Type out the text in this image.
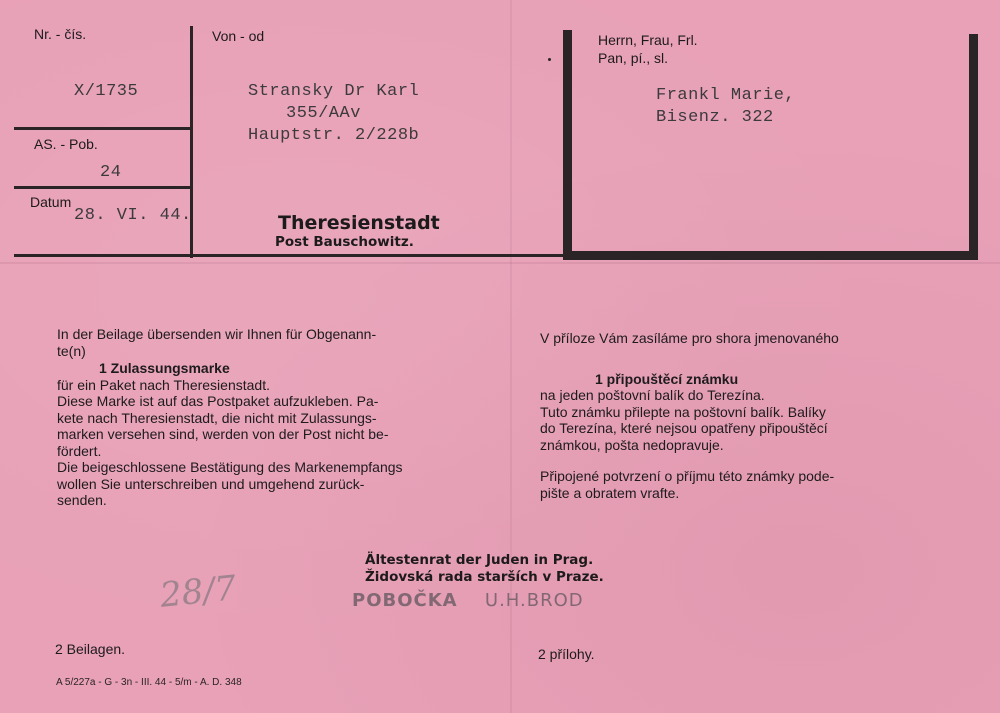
Nr. - čís.
X/1735
AS. - Pob.
24
Datum
28. VI. 44.
Von - od
Stransky Dr Karl
355/AAv
Hauptstr. 2/228b
Theresienstadt
Post Bauschowitz.
Herrn, Frau, Frl.
Pan, pí., sl.
Frankl Marie,
Bisenz. 322
In der Beilage übersenden wir Ihnen für Obgenann-
te(n)
1 Zulassungsmarke
für ein Paket nach Theresienstadt.
Diese Marke ist auf das Postpaket aufzukleben. Pa-
kete nach Theresienstadt, die nicht mit Zulassungs-
marken versehen sind, werden von der Post nicht be-
fördert.
Die beigeschlossene Bestätigung des Markenempfangs
wollen Sie unterschreiben und umgehend zurück-
senden.
V příloze Vám zasíláme pro shora jmenovaného
1 připouštěcí známku
na jeden poštovní balík do Terezína.
Tuto známku přilepte na poštovní balík. Balíky
do Terezína, které nejsou opatřeny připouštěcí
známkou, pošta nedopravuje.
Připojené potvrzení o příjmu této známky pode-
pište a obratem vrafte.
Ältestenrat der Juden in Prag.
Židovská rada starších v Praze.
POBOČKA U.H.BROD
28/7
2 Beilagen.	2 přílohy.
A 5/227a - G - 3n - III. 44 - 5/m - A. D. 348
